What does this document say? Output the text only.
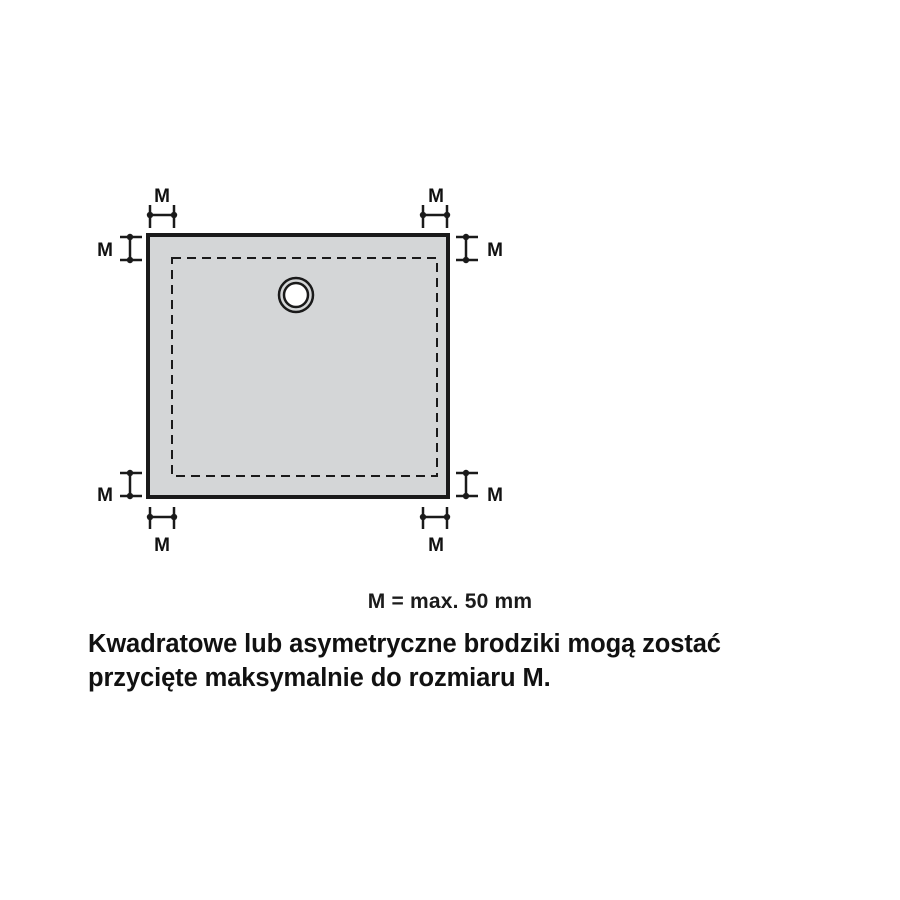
M	M
M	M
M	M
M	M
M = max. 50 mm
Kwadratowe lub asymetryczne brodziki mogą zostać
przycięte maksymalnie do rozmiaru M.
